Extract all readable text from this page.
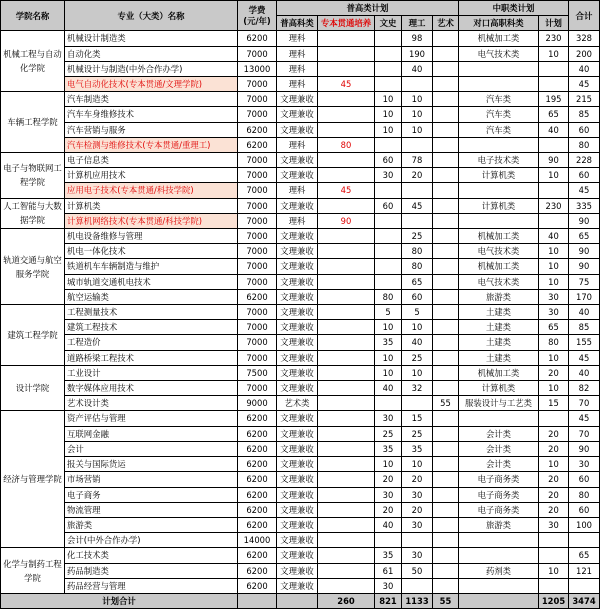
学院名称	专业（大类）名称	学费
(元/年)	普高类计划					中职类计划		合计
			普高科类	专本贯通培养	文史	理工	艺术	对口高职科类	计划	
机械工程与自动化学院	机械设计制造类	6200	理科			98		机械加工类	230	328
	自动化类	7000	理科			190		电气技术类	10	200
	机械设计与制造(中外合作办学)	13000	理科			40				40
	电气自动化技术(专本贯通/文理学院)	7000	理科	45						45
车辆工程学院	汽车制造类	7000	文理兼收		10	10		汽车类	195	215
	汽车车身维修技术	7000	文理兼收		10	10		汽车类	65	85
	汽车营销与服务	6200	文理兼收		10	10		汽车类	40	60
	汽车检测与维修技术(专本贯通/重理工)	6200	理科	80						80
电子与物联网工程学院	电子信息类	7000	文理兼收		60	78		电子技术类	90	228
	计算机应用技术	7000	文理兼收		30	20		计算机类	10	60
	应用电子技术(专本贯通/科技学院)	7000	理科	45						45
人工智能与大数据学院	计算机类	7000	文理兼收		60	45		计算机类	230	335
	计算机网络技术(专本贯通/科技学院)	7000	理科	90						90
轨道交通与航空服务学院	机电设备维修与管理	7000	文理兼收			25		机械加工类	40	65
	机电一体化技术	7000	文理兼收			80		电气技术类	10	90
	铁道机车车辆制造与维护	7000	文理兼收			80		机械加工类	10	90
	城市轨道交通机电技术	7000	文理兼收			65		电气技术类	10	75
	航空运输类	6200	文理兼收		80	60		旅游类	30	170
建筑工程学院	工程测量技术	7000	文理兼收		5	5		土建类	30	40
	建筑工程技术	7000	文理兼收		10	10		土建类	65	85
	工程造价	7000	文理兼收		35	40		土建类	80	155
	道路桥梁工程技术	7000	文理兼收		10	25		土建类	10	45
设计学院	工业设计	7500	文理兼收		10	10		机械加工类	20	40
	数字媒体应用技术	7000	文理兼收		40	32		计算机类	10	82
	艺术设计类	9000	艺术类				55	服装设计与工艺类	15	70
经济与管理学院	资产评估与管理	6200	文理兼收		30	15				45
	互联网金融	6200	文理兼收		25	25		会计类	20	70
	会计	6200	文理兼收		35	35		会计类	20	90
	报关与国际货运	6200	文理兼收		10	10		会计类	10	30
	市场营销	6200	文理兼收		20	20		电子商务类	20	60
	电子商务	6200	文理兼收		30	30		电子商务类	20	80
	物流管理	6200	文理兼收		20	20		电子商务类	20	60
	旅游类	6200	文理兼收		40	30		旅游类	30	100
	会计(中外合作办学)	14000	文理兼收							
化学与制药工程学院	化工技术类	6200	文理兼收		35	30				65
	药品制造类	6200	文理兼收		61	50		药剂类	10	121
	药品经营与管理	6200	文理兼收		30					
计划合计				260	821	1133	55		1205	3474
